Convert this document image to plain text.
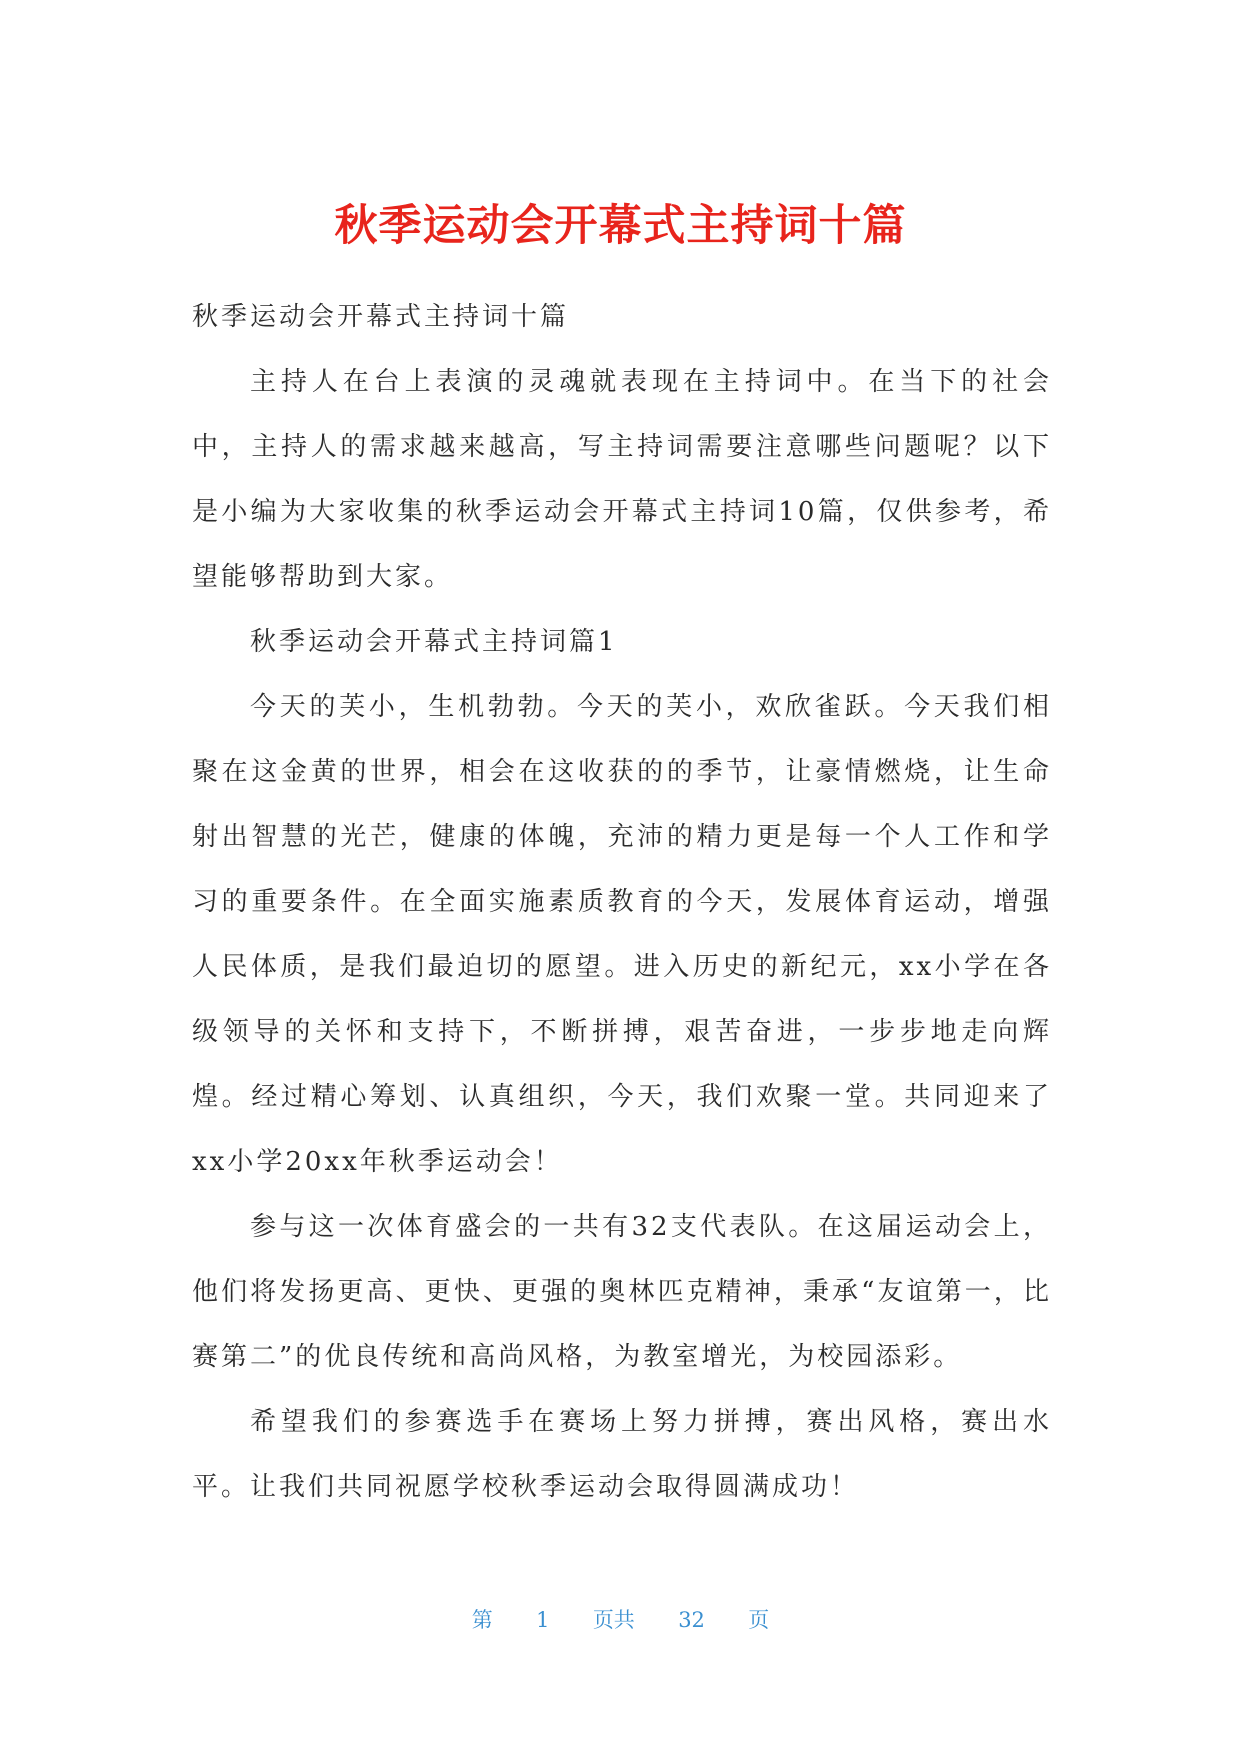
秋季运动会开幕式主持词十篇

秋季运动会开幕式主持词十篇

主持人在台上表演的灵魂就表现在主持词中。在当下的社会中，主持人的需求越来越高，写主持词需要注意哪些问题呢？以下是小编为大家收集的秋季运动会开幕式主持词10篇，仅供参考，希望能够帮助到大家。

秋季运动会开幕式主持词篇1

今天的芙小，生机勃勃。今天的芙小，欢欣雀跃。今天我们相聚在这金黄的世界，相会在这收获的的季节，让豪情燃烧，让生命射出智慧的光芒，健康的体魄，充沛的精力更是每一个人工作和学习的重要条件。在全面实施素质教育的今天，发展体育运动，增强人民体质，是我们最迫切的愿望。进入历史的新纪元，xx小学在各级领导的关怀和支持下，不断拼搏，艰苦奋进，一步步地走向辉煌。经过精心筹划、认真组织，今天，我们欢聚一堂。共同迎来了xx小学20xx年秋季运动会！

参与这一次体育盛会的一共有32支代表队。在这届运动会上，他们将发扬更高、更快、更强的奥林匹克精神，秉承“友谊第一，比赛第二”的优良传统和高尚风格，为教室增光，为校园添彩。

希望我们的参赛选手在赛场上努力拼搏，赛出风格，赛出水平。让我们共同祝愿学校秋季运动会取得圆满成功！

第 1 页共 32 页
